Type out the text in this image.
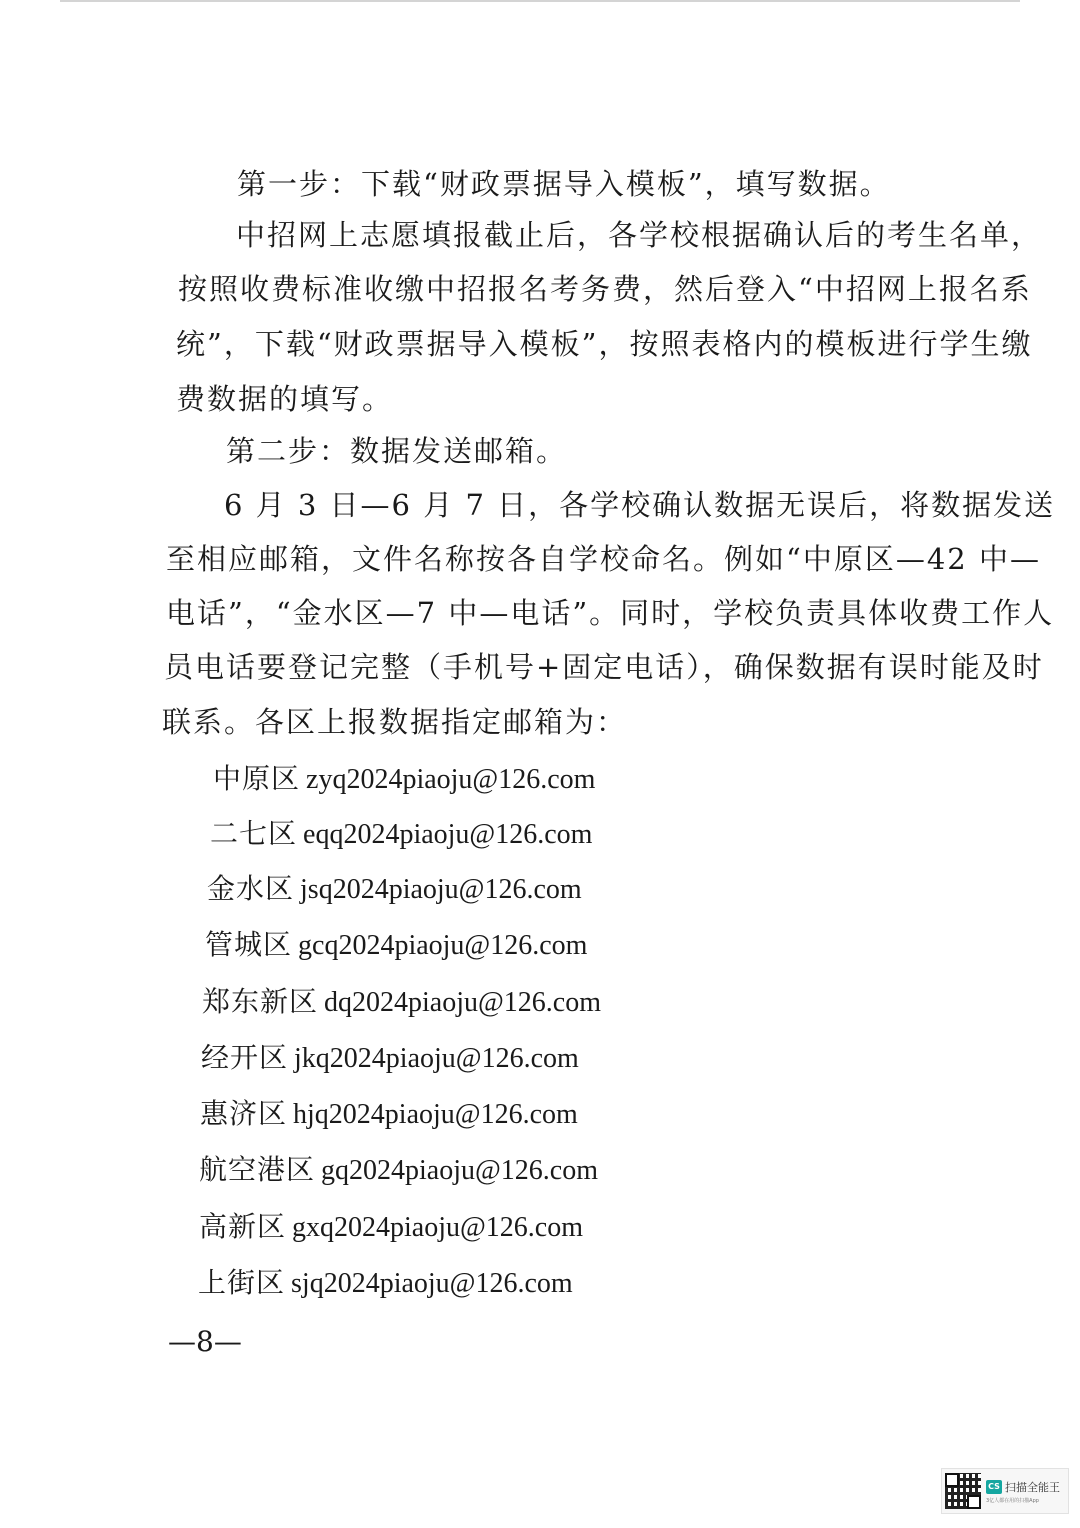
第一步：下载“财政票据导入模板”，填写数据。
中招网上志愿填报截止后，各学校根据确认后的考生名单，
按照收费标准收缴中招报名考务费，然后登入“中招网上报名系
统”，下载“财政票据导入模板”，按照表格内的模板进行学生缴
费数据的填写。
第二步：数据发送邮箱。
6 月 3 日—6 月 7 日，各学校确认数据无误后，将数据发送
至相应邮箱，文件名称按各自学校命名。例如“中原区—42 中—
电话”，“金水区—7 中—电话”。同时，学校负责具体收费工作人
员电话要登记完整（手机号+固定电话），确保数据有误时能及时
联系。各区上报数据指定邮箱为：
中原区 zyq2024piaoju@126.com
二七区 eqq2024piaoju@126.com
金水区 jsq2024piaoju@126.com
管城区 gcq2024piaoju@126.com
郑东新区 dq2024piaoju@126.com
经开区 jkq2024piaoju@126.com
惠济区 hjq2024piaoju@126.com
航空港区 gq2024piaoju@126.com
高新区 gxq2024piaoju@126.com
上街区 sjq2024piaoju@126.com
—8—
CS 扫描全能王
3亿人都在用的扫描App
